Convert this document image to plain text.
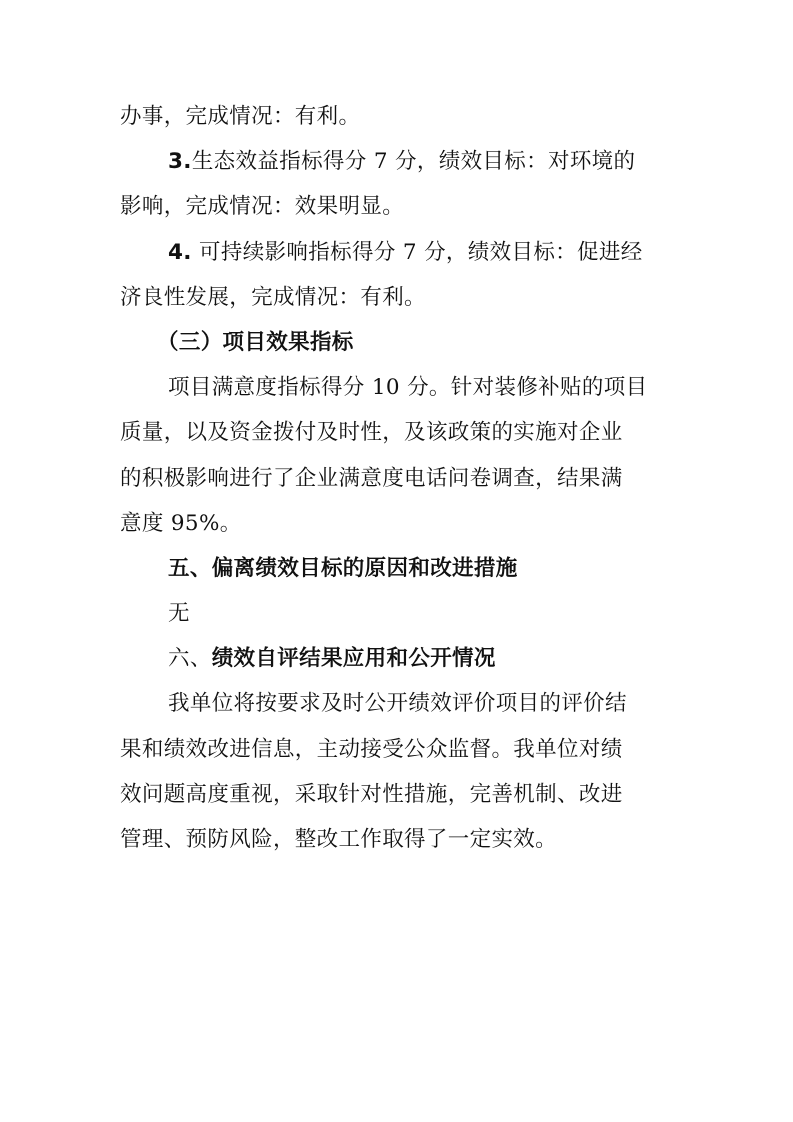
办事，完成情况：有利。
3.生态效益指标得分 7 分，绩效目标：对环境的
影响，完成情况：效果明显。
4. 可持续影响指标得分 7 分，绩效目标：促进经
济良性发展，完成情况：有利。
（三）项目效果指标
项目满意度指标得分 10 分。针对装修补贴的项目
质量，以及资金拨付及时性，及该政策的实施对企业
的积极影响进行了企业满意度电话问卷调查，结果满
意度 95%。
五、偏离绩效目标的原因和改进措施
无
六、绩效自评结果应用和公开情况
我单位将按要求及时公开绩效评价项目的评价结
果和绩效改进信息，主动接受公众监督。我单位对绩
效问题高度重视，采取针对性措施，完善机制、改进
管理、预防风险，整改工作取得了一定实效。
